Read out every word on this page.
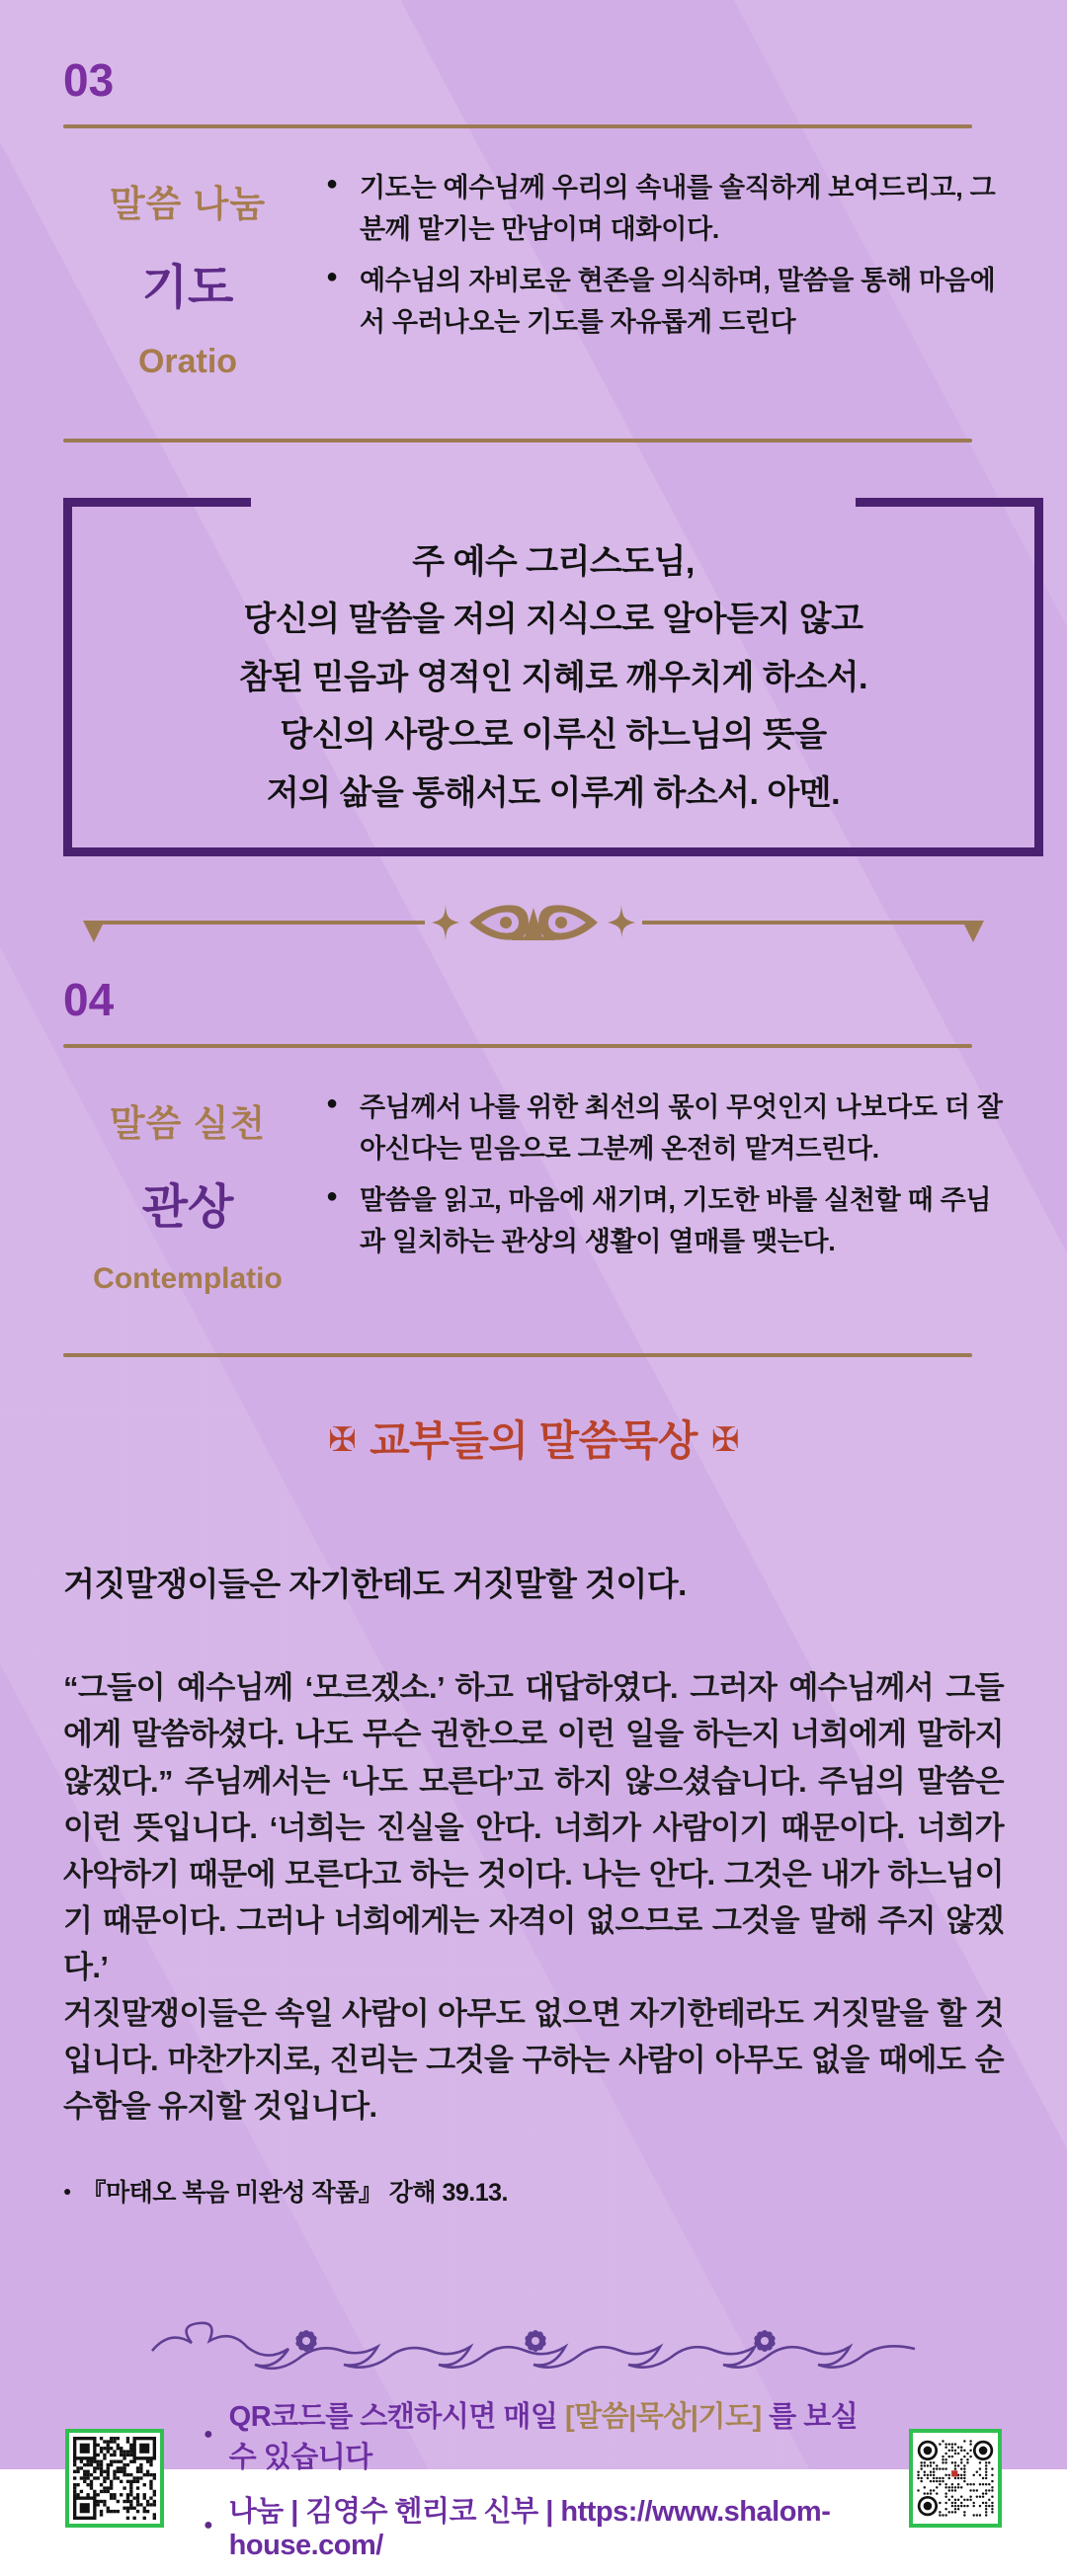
03
말씀 나눔
기도
Oratio
● 기도는 예수님께 우리의 속내를 솔직하게 보여드리고, 그 분께 맡기는 만남이며 대화이다.
● 예수님의 자비로운 현존을 의식하며, 말씀을 통해 마음에서 우러나오는 기도를 자유롭게 드린다
주 예수 그리스도님,
당신의 말씀을 저의 지식으로 알아듣지 않고
참된 믿음과 영적인 지혜로 깨우치게 하소서.
당신의 사랑으로 이루신 하느님의 뜻을
저의 삶을 통해서도 이루게 하소서. 아멘.
04
말씀 실천
관상
Contemplatio
● 주님께서 나를 위한 최선의 몫이 무엇인지 나보다도 더 잘 아신다는 믿음으로 그분께 온전히 맡겨드린다.
● 말씀을 읽고, 마음에 새기며, 기도한 바를 실천할 때 주님과 일치하는 관상의 생활이 열매를 맺는다.
✠ 교부들의 말씀묵상 ✠
거짓말쟁이들은 자기한테도 거짓말할 것이다.
“그들이 예수님께 ‘모르겠소.’ 하고 대답하였다. 그러자 예수님께서 그들에게 말씀하셨다. 나도 무슨 권한으로 이런 일을 하는지 너희에게 말하지 않겠다.” 주님께서는 ‘나도 모른다’고 하지 않으셨습니다. 주님의 말씀은 이런 뜻입니다. ‘너희는 진실을 안다. 너희가 사람이기 때문이다. 너희가 사악하기 때문에 모른다고 하는 것이다. 나는 안다. 그것은 내가 하느님이기 때문이다. 그러나 너희에게는 자격이 없으므로 그것을 말해 주지 않겠다.’
거짓말쟁이들은 속일 사람이 아무도 없으면 자기한테라도 거짓말을 할 것입니다. 마찬가지로, 진리는 그것을 구하는 사람이 아무도 없을 때에도 순수함을 유지할 것입니다.
● 『마태오 복음 미완성 작품』 강해 39.13.
●
QR코드를 스캔하시면 매일 [말씀|묵상|기도] 를 보실수 있습니다
● 나눔 | 김영수 헨리코 신부 | https://www.shalom-house.com/
